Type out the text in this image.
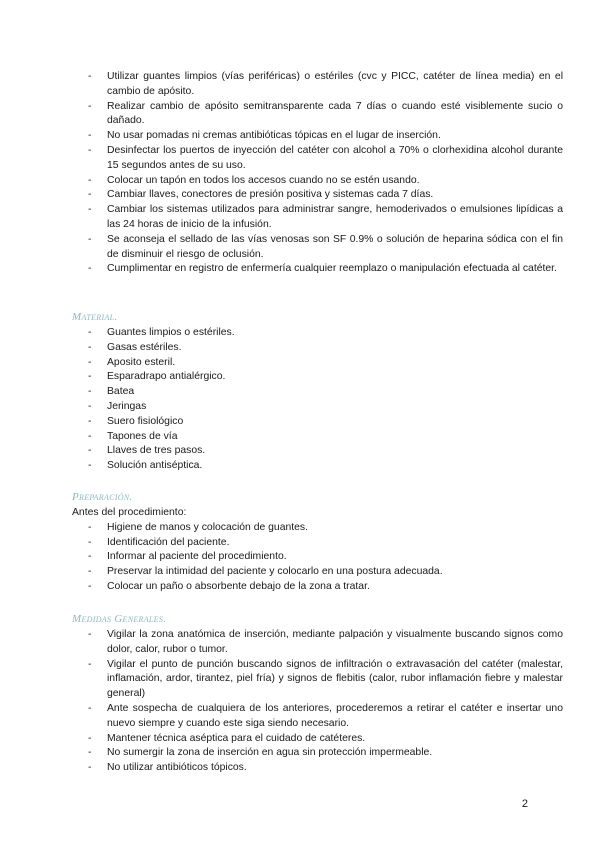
- Utilizar guantes limpios (vías periféricas) o estériles (cvc y PICC, catéter de línea media) en el cambio de apósito.
- Realizar cambio de apósito semitransparente cada 7 días o cuando esté visiblemente sucio o dañado.
- No usar pomadas ni cremas antibióticas tópicas en el lugar de inserción.
- Desinfectar los puertos de inyección del catéter con alcohol a 70% o clorhexidina alcohol durante 15 segundos antes de su uso.
- Colocar un tapón en todos los accesos cuando no se estén usando.
- Cambiar llaves, conectores de presión positiva y sistemas cada 7 días.
- Cambiar los sistemas utilizados para administrar sangre, hemoderivados o emulsiones lipídicas a las 24 horas de inicio de la infusión.
- Se aconseja el sellado de las vías venosas son SF 0.9% o solución de heparina sódica con el fin de disminuir el riesgo de oclusión.
- Cumplimentar en registro de enfermería cualquier reemplazo o manipulación efectuada al catéter.
Material.
- Guantes limpios o estériles.
- Gasas estériles.
- Aposito esteril.
- Esparadrapo antialérgico.
- Batea
- Jeringas
- Suero fisiológico
- Tapones de vía
- Llaves de tres pasos.
- Solución antiséptica.
Preparación.
Antes del procedimiento:
- Higiene de manos y colocación de guantes.
- Identificación del paciente.
- Informar al paciente del procedimiento.
- Preservar la intimidad del paciente y colocarlo en una postura adecuada.
- Colocar un paño o absorbente debajo de la zona a tratar.
Medidas Generales.
- Vigilar la zona anatómica de inserción, mediante palpación y visualmente buscando signos como dolor, calor, rubor o tumor.
- Vigilar el punto de punción buscando signos de infiltración o extravasación del catéter (malestar, inflamación, ardor, tirantez, piel fría) y signos de flebitis (calor, rubor inflamación fiebre y malestar general)
- Ante sospecha de cualquiera de los anteriores, procederemos a retirar el catéter e insertar uno nuevo siempre y cuando este siga siendo necesario.
- Mantener técnica aséptica para el cuidado de catéteres.
- No sumergir la zona de inserción en agua sin protección impermeable.
- No utilizar antibióticos tópicos.
2
